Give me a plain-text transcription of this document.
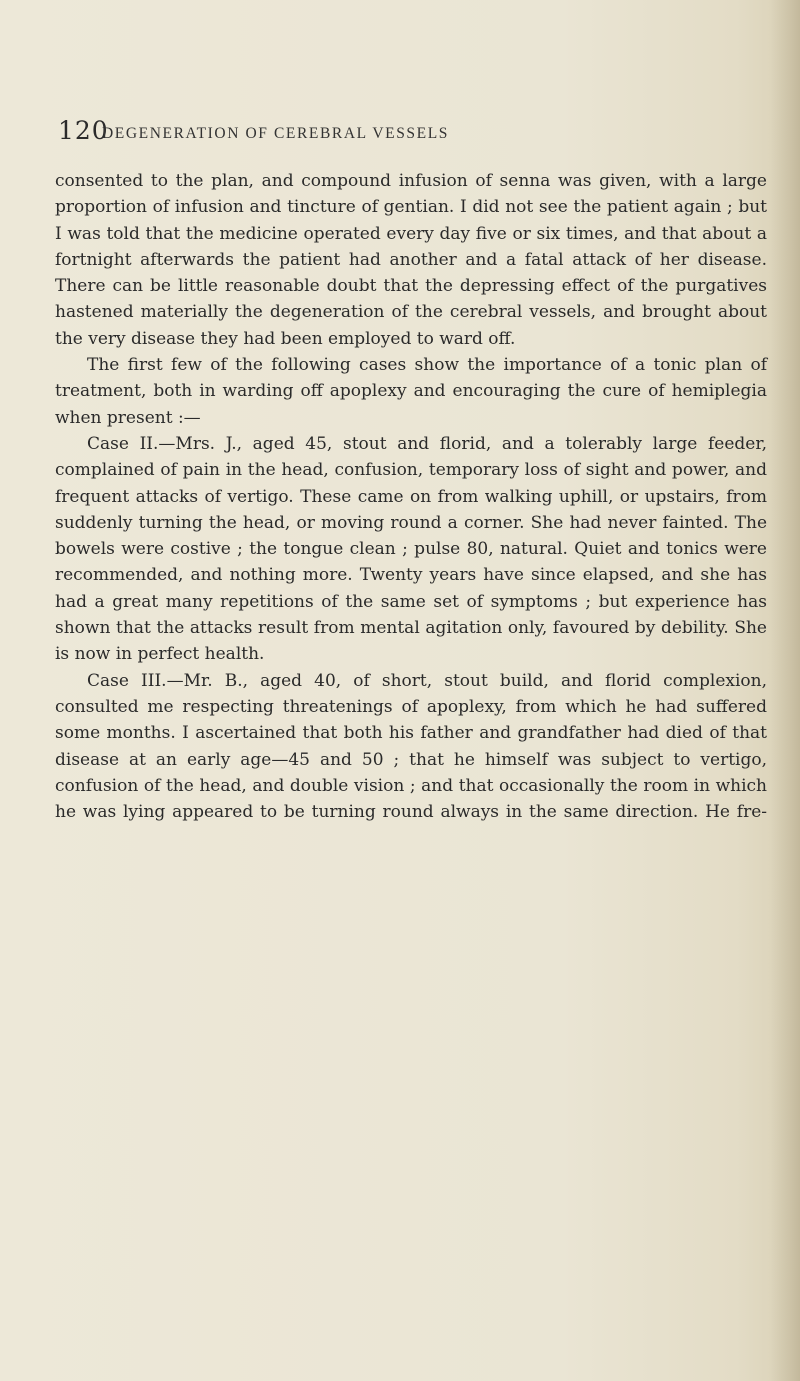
120
DEGENERATION OF CEREBRAL VESSELS

consented to the plan, and compound infusion of senna was given, with a large proportion of infusion and tincture of gentian. I did not see the patient again ; but I was told that the medicine operated every day five or six times, and that about a fortnight afterwards the patient had another and a fatal attack of her disease. There can be little reasonable doubt that the depressing effect of the purgatives hastened materially the degeneration of the cerebral vessels, and brought about the very disease they had been employed to ward off.

The first few of the following cases show the importance of a tonic plan of treatment, both in warding off apoplexy and encouraging the cure of hemiplegia when present :—

Case II.—Mrs. J., aged 45, stout and florid, and a tolerably large feeder, complained of pain in the head, confusion, temporary loss of sight and power, and frequent attacks of vertigo. These came on from walking uphill, or upstairs, from suddenly turning the head, or moving round a corner. She had never fainted. The bowels were costive ; the tongue clean ; pulse 80, natural. Quiet and tonics were recommended, and nothing more. Twenty years have since elapsed, and she has had a great many repetitions of the same set of symptoms ; but experience has shown that the attacks result from mental agitation only, favoured by debility. She is now in perfect health.

Case III.—Mr. B., aged 40, of short, stout build, and florid complexion, consulted me respecting threatenings of apoplexy, from which he had suffered some months. I ascertained that both his father and grandfather had died of that disease at an early age—45 and 50 ; that he himself was subject to vertigo, confusion of the head, and double vision ; and that occasionally the room in which he was lying appeared to be turning round always in the same direction. He fre-
